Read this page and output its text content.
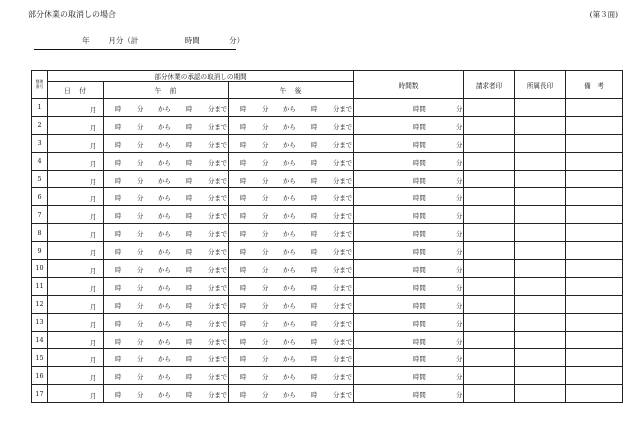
部分休業の取消しの場合	(第３面)
年	月分（計	時間	分）
整理
番号	部分休業の承認の取消しの期間			時間数	請求者印	所属長印	備　考
	日　付	午　前	午　後				
1	月	時 分 から 時 分まで	時 分 から 時 分まで	時間 分			

2	月	時 分 から 時 分まで	時 分 から 時 分まで	時間 分			

3	月	時 分 から 時 分まで	時 分 から 時 分まで	時間 分			

4	月	時 分 から 時 分まで	時 分 から 時 分まで	時間 分			

5	月	時 分 から 時 分まで	時 分 から 時 分まで	時間 分			

6	月	時 分 から 時 分まで	時 分 から 時 分まで	時間 分			

7	月	時 分 から 時 分まで	時 分 から 時 分まで	時間 分			

8	月	時 分 から 時 分まで	時 分 から 時 分まで	時間 分			

9	月	時 分 から 時 分まで	時 分 から 時 分まで	時間 分			

10	月	時 分 から 時 分まで	時 分 から 時 分まで	時間 分			

11	月	時 分 から 時 分まで	時 分 から 時 分まで	時間 分			

12	月	時 分 から 時 分まで	時 分 から 時 分まで	時間 分			

13	月	時 分 から 時 分まで	時 分 から 時 分まで	時間 分			

14	月	時 分 から 時 分まで	時 分 から 時 分まで	時間 分			

15	月	時 分 から 時 分まで	時 分 から 時 分まで	時間 分			

16	月	時 分 から 時 分まで	時 分 から 時 分まで	時間 分			

17	月	時 分 から 時 分まで	時 分 から 時 分まで	時間 分			
